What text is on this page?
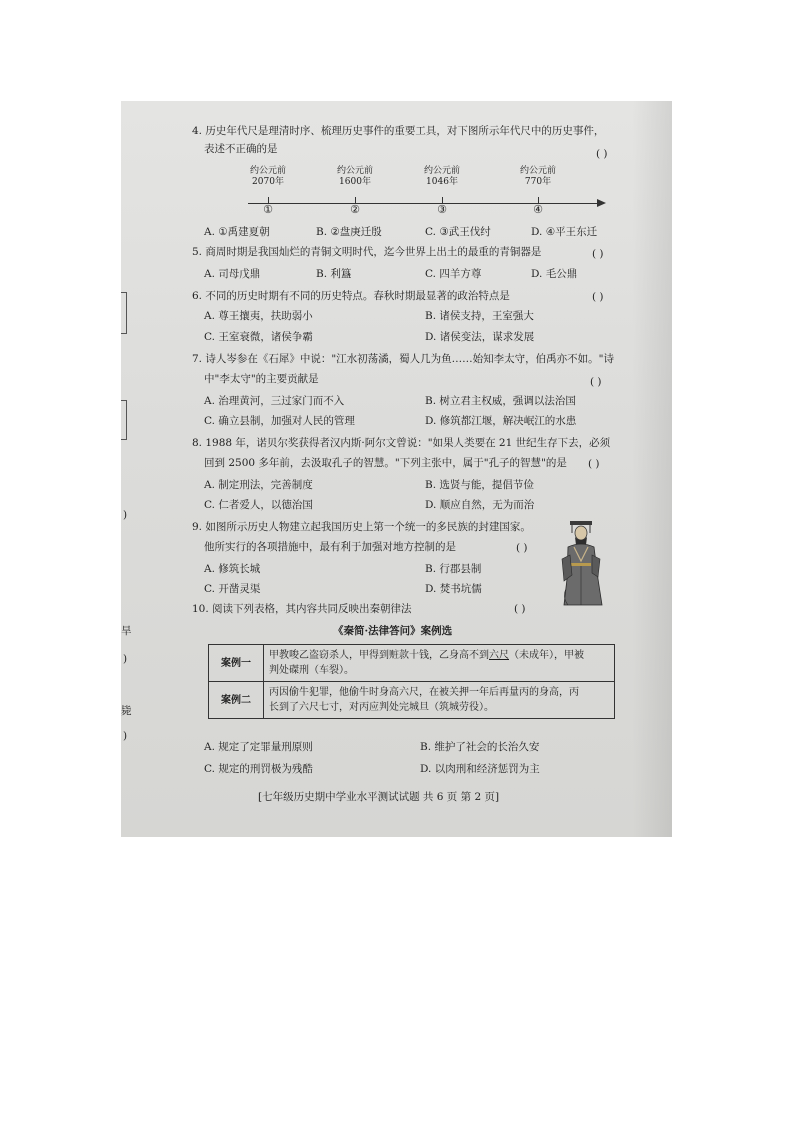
)
旱
)
毙
)
4. 历史年代尺是理清时序、梳理历史事件的重要工具，对下图所示年代尺中的历史事件，
表述不正确的是	( )
约公元前
2070年
约公元前
1600年
约公元前
1046年
约公元前
770年
①	②	③	④
A. ①禹建夏朝	B. ②盘庚迁殷	C. ③武王伐纣	D. ④平王东迁
5. 商周时期是我国灿烂的青铜文明时代，迄今世界上出土的最重的青铜器是	( )
A. 司母戊鼎	B. 利簋	C. 四羊方尊	D. 毛公鼎
6. 不同的历史时期有不同的历史特点。春秋时期最显著的政治特点是	( )
A. 尊王攘夷，扶助弱小	B. 诸侯支持，王室强大
C. 王室衰微，诸侯争霸	D. 诸侯变法，谋求发展
7. 诗人岑参在《石犀》中说："江水初荡潏，蜀人几为鱼……始知李太守，伯禹亦不如。"诗
中"李太守"的主要贡献是	( )
A. 治理黄河，三过家门而不入	B. 树立君主权威，强调以法治国
C. 确立县制，加强对人民的管理	D. 修筑都江堰，解决岷江的水患
8. 1988 年，诺贝尔奖获得者汉内斯·阿尔文曾说："如果人类要在 21 世纪生存下去，必须
回到 2500 多年前，去汲取孔子的智慧。"下列主张中，属于"孔子的智慧"的是 ( )
A. 制定刑法，完善制度	B. 选贤与能，提倡节俭
C. 仁者爱人，以德治国	D. 顺应自然，无为而治
9. 如图所示历史人物建立起我国历史上第一个统一的多民族的封建国家。
他所实行的各项措施中，最有利于加强对地方控制的是	( )
A. 修筑长城	B. 行郡县制
C. 开凿灵渠	D. 焚书坑儒
10. 阅读下列表格，其内容共同反映出秦朝律法	( )
《秦简·法律答问》案例选
案例一	甲教唆乙盗窃杀人，甲得到赃款十钱，乙身高不到六尺（未成年），甲被
判处磔刑（车裂）。
案例二	丙因偷牛犯罪，他偷牛时身高六尺，在被关押一年后再量丙的身高，丙
长到了六尺七寸，对丙应判处完城旦（筑城劳役）。
A. 规定了定罪量刑原则	B. 维护了社会的长治久安
C. 规定的刑罚极为残酷	D. 以肉刑和经济惩罚为主
[七年级历史期中学业水平测试试题 共 6 页 第 2 页]
